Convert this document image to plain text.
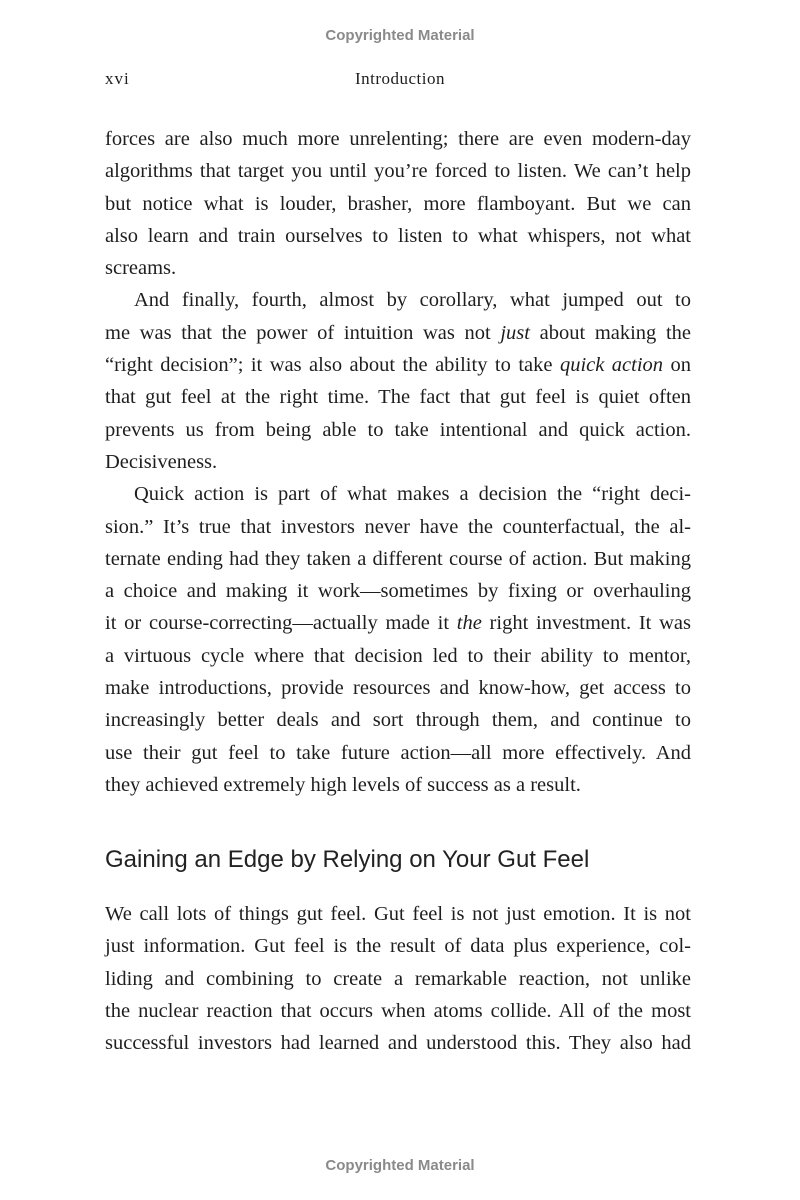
Copyrighted Material
xvi	Introduction
forces are also much more unrelenting; there are even modern-day
algorithms that target you until you’re forced to listen. We can’t help
but notice what is louder, brasher, more flamboyant. But we can
also learn and train ourselves to listen to what whispers, not what
screams.
And finally, fourth, almost by corollary, what jumped out to
me was that the power of intuition was not just about making the
“right decision”; it was also about the ability to take quick action on
that gut feel at the right time. The fact that gut feel is quiet often
prevents us from being able to take intentional and quick action.
Decisiveness.
Quick action is part of what makes a decision the “right deci-
sion.” It’s true that investors never have the counterfactual, the al-
ternate ending had they taken a different course of action. But making
a choice and making it work—sometimes by fixing or overhauling
it or course-correcting—actually made it the right investment. It was
a virtuous cycle where that decision led to their ability to mentor,
make introductions, provide resources and know-how, get access to
increasingly better deals and sort through them, and continue to
use their gut feel to take future action—all more effectively. And
they achieved extremely high levels of success as a result.
Gaining an Edge by Relying on Your Gut Feel
We call lots of things gut feel. Gut feel is not just emotion. It is not
just information. Gut feel is the result of data plus experience, col-
liding and combining to create a remarkable reaction, not unlike
the nuclear reaction that occurs when atoms collide. All of the most
successful investors had learned and understood this. They also had
Copyrighted Material
